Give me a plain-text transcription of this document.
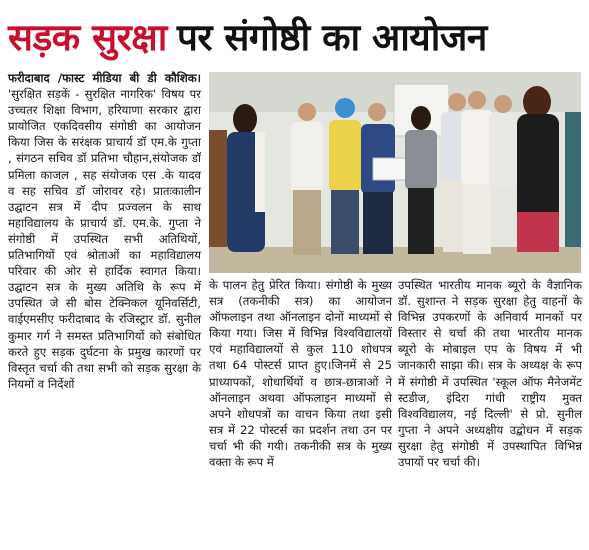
सड़क सुरक्षा पर संगोष्ठी का आयोजन
फरीदाबाद /फास्ट मीडिया बी डी कौशिक। 'सुरक्षित सड़कें - सुरक्षित नागरिक' विषय पर उच्चतर शिक्षा विभाग, हरियाणा सरकार द्वारा प्रायोजित एकदिवसीय संगोष्ठी का आयोजन किया जिस के सरंक्षक प्राचार्य डॉ एम.के गुप्ता , संगठन सचिव डॉ प्रतिभा चौहान,संयोजक डॉ प्रमिला काजल , सह संयोजक एस .के यादव व सह सचिव डॉ जोरावर रहे। प्रातःकालीन उद्घाटन सत्र में दीप प्रज्वलन के साथ महाविद्यालय के प्राचार्य डॉ. एम.के. गुप्ता ने संगोष्ठी में उपस्थित सभी अतिथियों, प्रतिभागियों एवं श्रोताओं का महाविद्यालय परिवार की ओर से हार्दिक स्वागत किया। उद्घाटन सत्र के मुख्य अतिथि के रूप में उपस्थित जे सी बोस टेक्निकल यूनिवर्सिटी, वाईएमसीए फरीदाबाद के रजिस्ट्रार डॉ. सुनील कुमार गर्ग ने समस्त प्रतिभागियों को संबोधित करते हुए सड़क दुर्घटना के प्रमुख कारणों पर विस्तृत चर्चा की तथा सभी को सड़क सुरक्षा के नियमों व निर्देशों
के पालन हेतु प्रेरित किया। संगोष्ठी के मुख्य सत्र (तकनीकी सत्र) का आयोजन ऑफलाइन तथा ऑनलाइन दोनों माध्यमों से किया गया। जिस में विभिन्न विश्वविद्यालयों एवं महाविद्यालयों से कुल 110 शोधपत्र तथा 64 पोस्टर्स प्राप्त हुए।जिनमें से 25 प्राध्यापकों, शोधार्थियों व छात्र-छात्राओं ने ऑनलाइन अथवा ऑफलाइन माध्यमों से अपने शोधपत्रों का वाचन किया तथा इसी सत्र में 22 पोस्टर्स का प्रदर्शन तथा उन पर चर्चा भी की गयी। तकनीकी सत्र के मुख्य वक्ता के रूप में
उपस्थित भारतीय मानक ब्यूरो के वैज्ञानिक डॉ. सुशान्त ने सड़क सुरक्षा हेतु वाहनों के विभिन्न उपकरणों के अनिवार्य मानकों पर विस्तार से चर्चा की तथा भारतीय मानक ब्यूरो के मोबाइल एप के विषय में भी जानकारी साझा की। सत्र के अध्यक्ष के रूप में संगोष्ठी में उपस्थित 'स्कूल ऑफ मैनेजमेंट स्टडीज, इंदिरा गांधी राष्ट्रीय मुक्त विश्वविद्यालय, नई दिल्ली' से प्रो. सुनील गुप्ता ने अपने अध्यक्षीय उद्बोधन में सड़क सुरक्षा हेतु संगोष्ठी में उपस्थापित विभिन्न उपायों पर चर्चा की।
